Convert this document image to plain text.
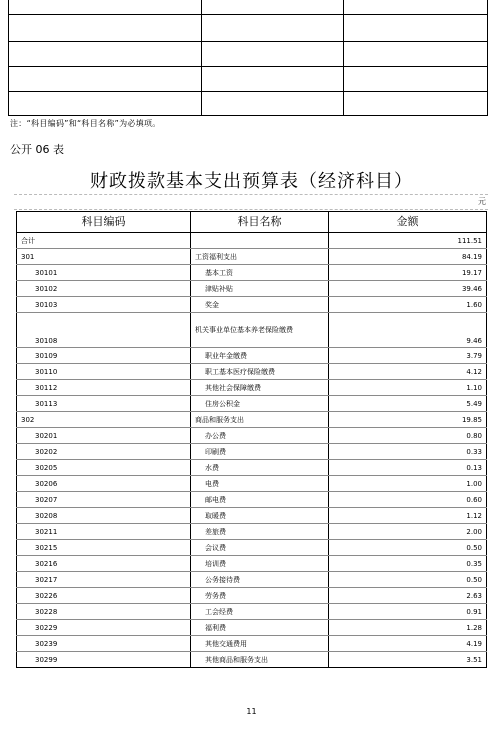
注：“科目编码”和“科目名称”为必填项。
公开 06 表
财政拨款基本支出预算表（经济科目）
元
科目编码	科目名称	金额
合计		111.51
301	工资福利支出	84.19
30101	基本工资	19.17
30102	津贴补贴	39.46
30103	奖金	1.60
30108	机关事业单位基本养老保险缴费	9.46
30109	职业年金缴费	3.79
30110	职工基本医疗保险缴费	4.12
30112	其他社会保障缴费	1.10
30113	住房公积金	5.49
302	商品和服务支出	19.85
30201	办公费	0.80
30202	印刷费	0.33
30205	水费	0.13
30206	电费	1.00
30207	邮电费	0.60
30208	取暖费	1.12
30211	差旅费	2.00
30215	会议费	0.50
30216	培训费	0.35
30217	公务接待费	0.50
30226	劳务费	2.63
30228	工会经费	0.91
30229	福利费	1.28
30239	其他交通费用	4.19
30299	其他商品和服务支出	3.51
11
